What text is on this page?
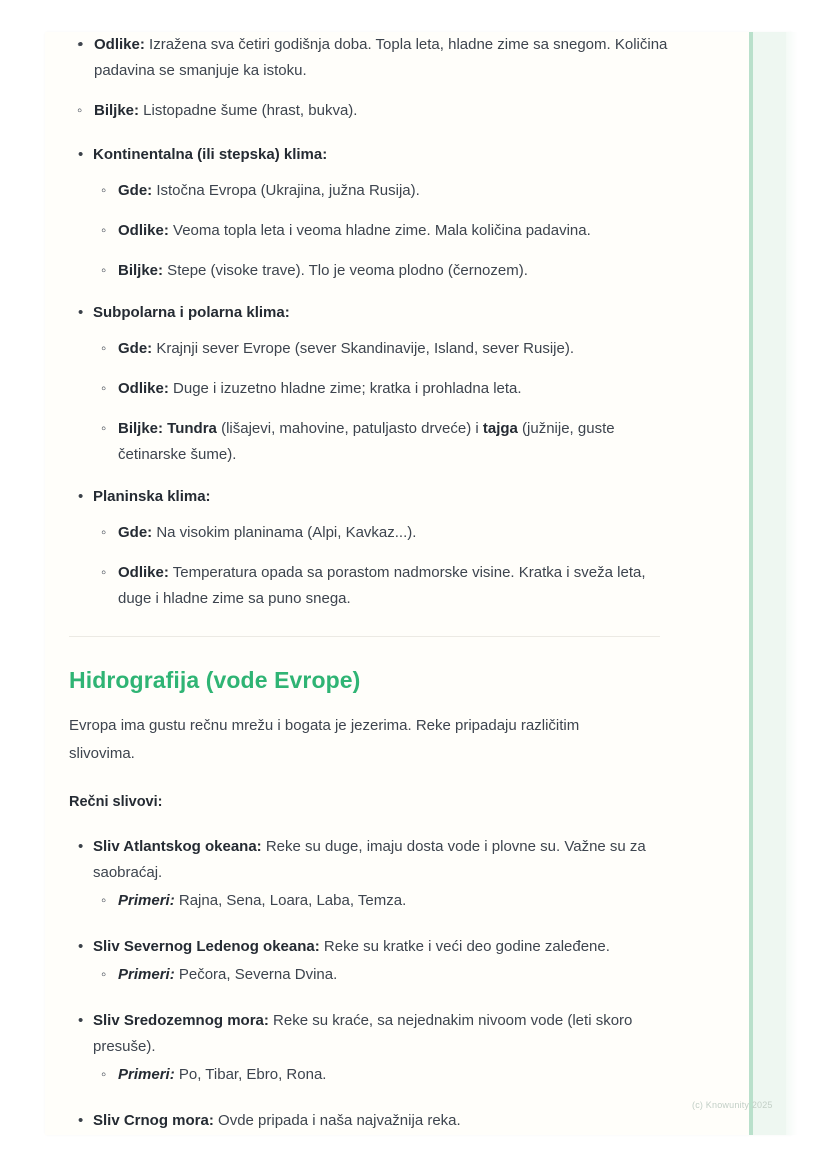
◦ • Odlike: Izražena sva četiri godišnja doba. Topla leta, hladne zime sa snegom. Količina padavina se smanjuje ka istoku.
◦ Biljke: Listopadne šume (hrast, bukva).
• Kontinentalna (ili stepska) klima:
◦ Gde: Istočna Evropa (Ukrajina, južna Rusija).
◦ Odlike: Veoma topla leta i veoma hladne zime. Mala količina padavina.
◦ Biljke: Stepe (visoke trave). Tlo je veoma plodno (černozem).
• Subpolarna i polarna klima:
◦ Gde: Krajnji sever Evrope (sever Skandinavije, Island, sever Rusije).
◦ Odlike: Duge i izuzetno hladne zime; kratka i prohladna leta.
◦ Biljke: Tundra (lišajevi, mahovine, patuljasto drveće) i tajga (južnije, guste četinarske šume).
• Planinska klima:
◦ Gde: Na visokim planinama (Alpi, Kavkaz...).
◦ Odlike: Temperatura opada sa porastom nadmorske visine. Kratka i sveža leta, duge i hladne zime sa puno snega.
Hidrografija (vode Evrope)

Evropa ima gustu rečnu mrežu i bogata je jezerima. Reke pripadaju različitim slivovima.

Rečni slivovi:

• Sliv Atlantskog okeana: Reke su duge, imaju dosta vode i plovne su. Važne su za saobraćaj.
◦ Primeri: Rajna, Sena, Loara, Laba, Temza.
• Sliv Severnog Ledenog okeana: Reke su kratke i veći deo godine zaleđene.
◦ Primeri: Pečora, Severna Dvina.
• Sliv Sredozemnog mora: Reke su kraće, sa nejednakim nivoom vode (leti skoro presuše).
◦ Primeri: Po, Tibar, Ebro, Rona.
• Sliv Crnog mora: Ovde pripada i naša najvažnija reka.
(c) Knowunity 2025
